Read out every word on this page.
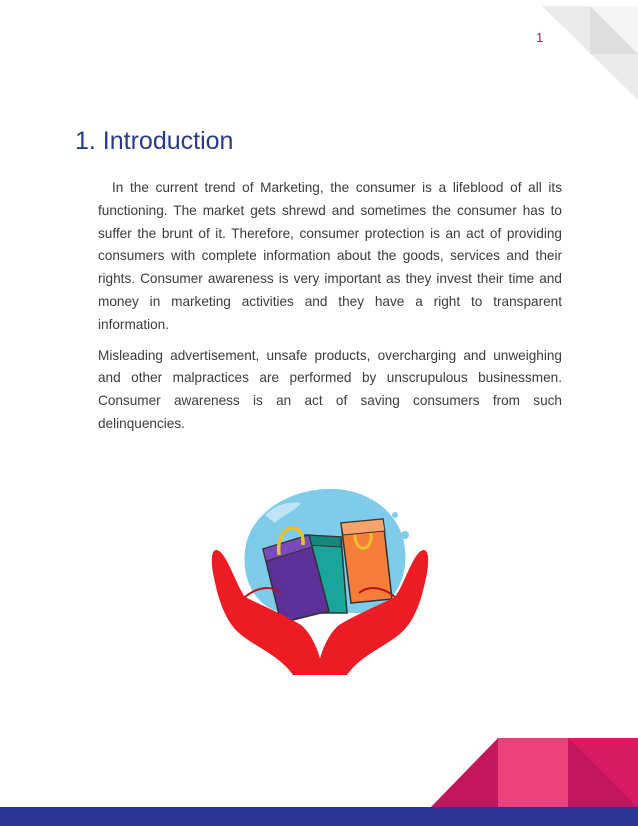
1
1. Introduction

In the current trend of Marketing, the consumer is a lifeblood of all its functioning. The market gets shrewd and sometimes the consumer has to suffer the brunt of it. Therefore, consumer protection is an act of providing consumers with complete information about the goods, services and their rights. Consumer awareness is very important as they invest their time and money in marketing activities and they have a right to transparent information.

Misleading advertisement, unsafe products, overcharging and unweighing and other malpractices are performed by unscrupulous businessmen. Consumer awareness is an act of saving consumers from such delinquencies.
